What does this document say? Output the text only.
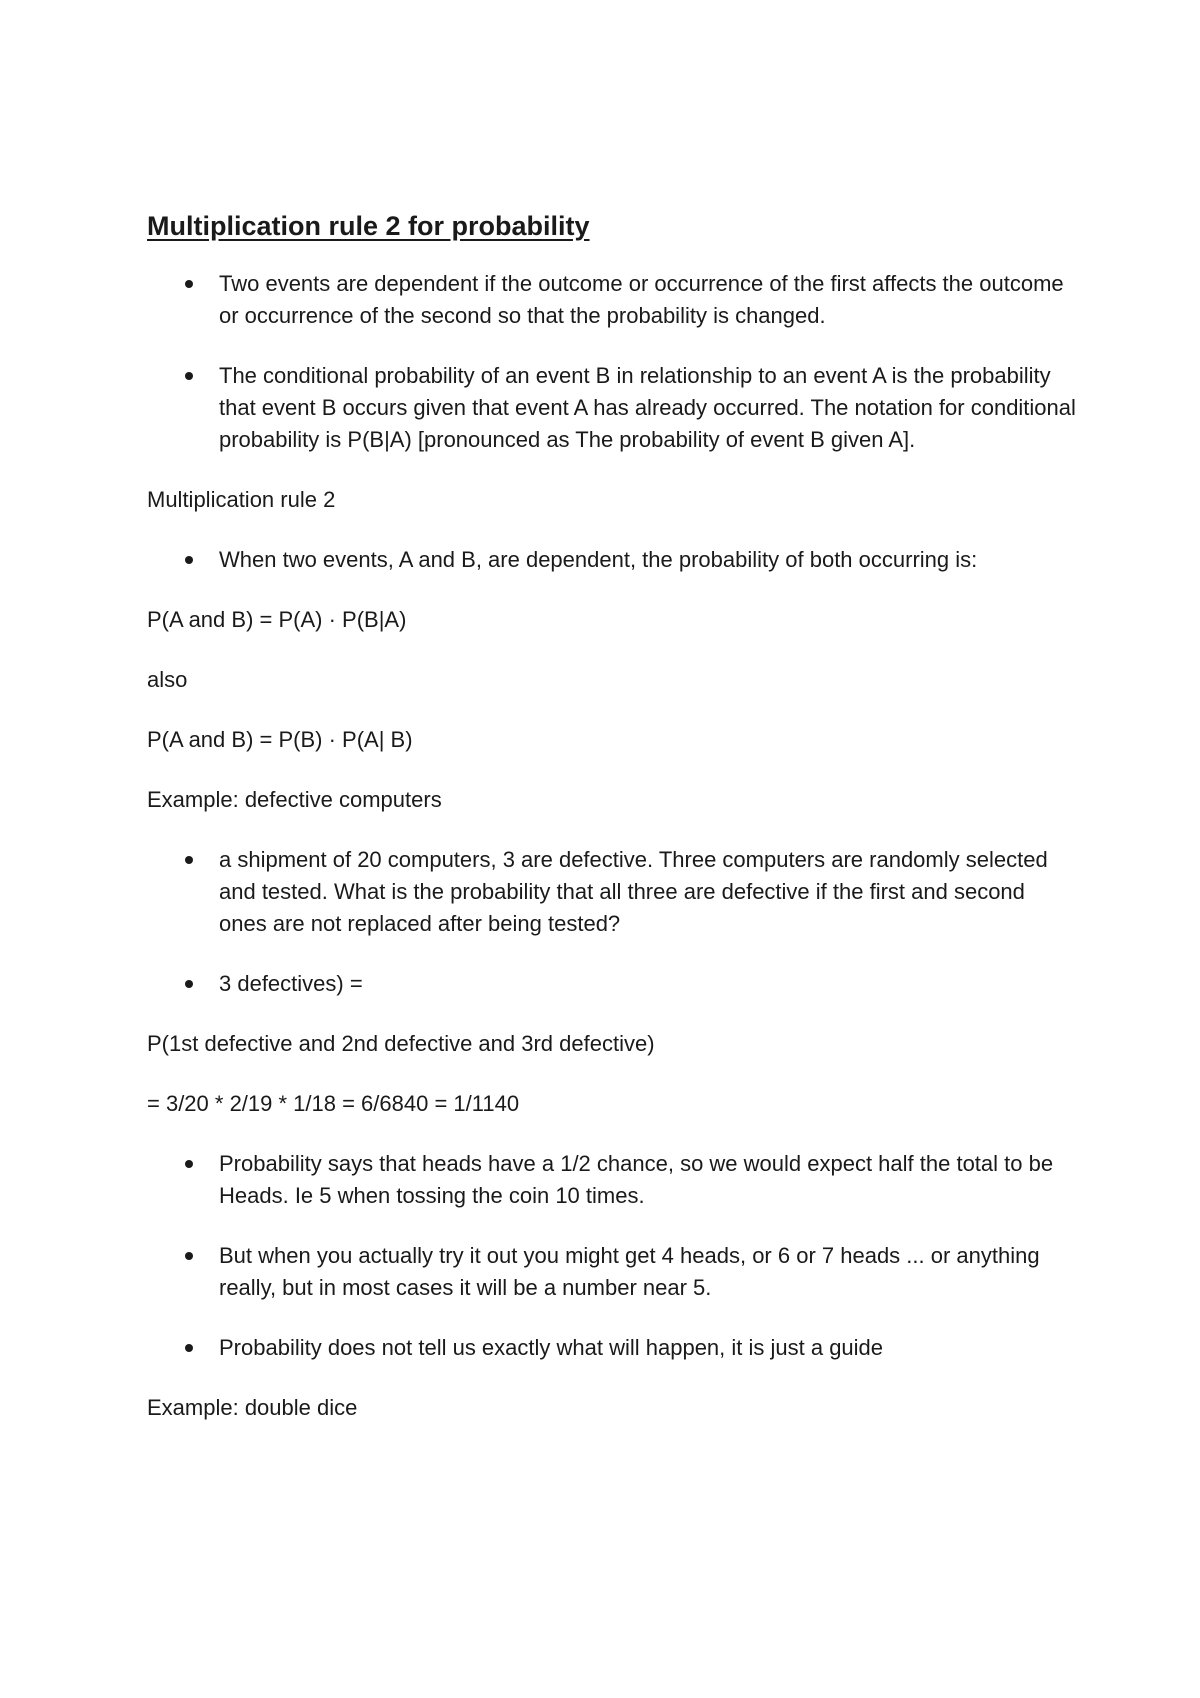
Multiplication rule 2 for probability
Two events are dependent if the outcome or occurrence of the first affects the outcome or occurrence of the second so that the probability is changed.
The conditional probability of an event B in relationship to an event A is the probability that event B occurs given that event A has already occurred. The notation for conditional probability is P(B|A) [pronounced as The probability of event B given A].

Multiplication rule 2

When two events, A and B, are dependent, the probability of both occurring is:

P(A and B) = P(A) · P(B|A)

also

P(A and B) = P(B) · P(A| B)

Example: defective computers

a shipment of 20 computers, 3 are defective. Three computers are randomly selected and tested. What is the probability that all three are defective if the first and second ones are not replaced after being tested?
3 defectives) =

P(1st defective and 2nd defective and 3rd defective)

= 3/20 * 2/19 * 1/18 = 6/6840 = 1/1140

Probability says that heads have a 1/2 chance, so we would expect half the total to be Heads. Ie 5 when tossing the coin 10 times.
But when you actually try it out you might get 4 heads, or 6 or 7 heads ... or anything really, but in most cases it will be a number near 5.
Probability does not tell us exactly what will happen, it is just a guide

Example: double dice
